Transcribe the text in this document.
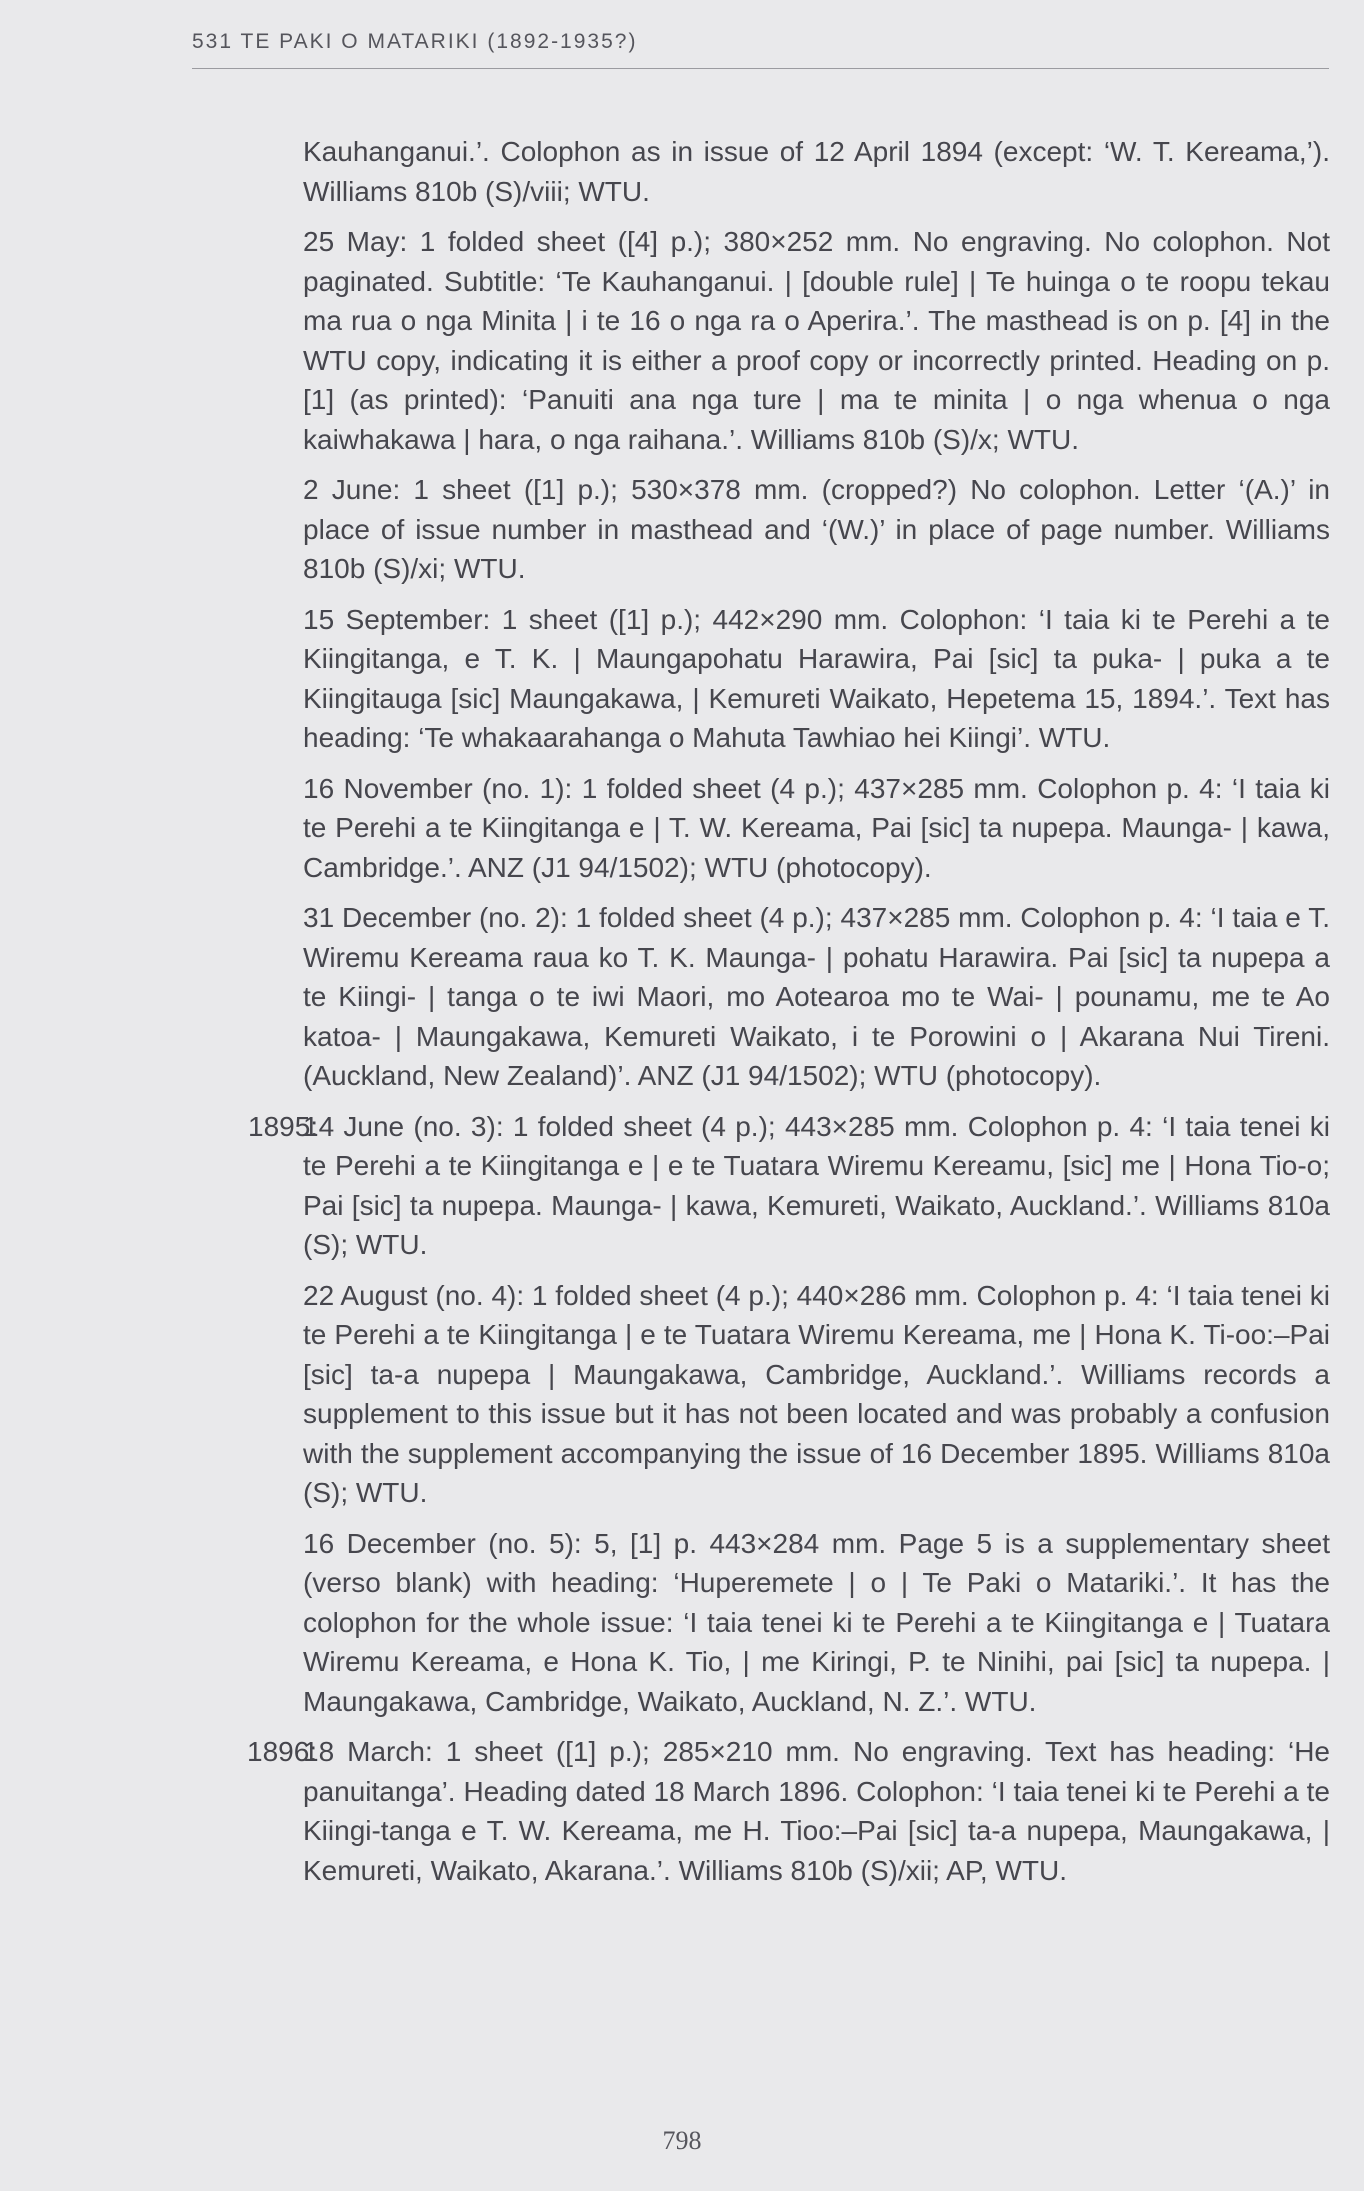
531 TE PAKI O MATARIKI (1892-1935?)
Kauhanganui.’. Colophon as in issue of 12 April 1894 (except: ‘W. T. Kereama,’). Williams 810b (S)/viii; WTU.
25 May: 1 folded sheet ([4] p.); 380×252 mm. No engraving. No colophon. Not paginated. Subtitle: ‘Te Kauhanganui. | [double rule] | Te huinga o te roopu tekau ma rua o nga Minita | i te 16 o nga ra o Aperira.’. The masthead is on p. [4] in the WTU copy, indicating it is either a proof copy or incorrectly printed. Heading on p. [1] (as printed): ‘Panuiti ana nga ture | ma te minita | o nga whenua o nga kaiwhakawa | hara, o nga raihana.’. Williams 810b (S)/x; WTU.
2 June: 1 sheet ([1] p.); 530×378 mm. (cropped?) No colophon. Letter ‘(A.)’ in place of issue number in masthead and ‘(W.)’ in place of page number. Williams 810b (S)/xi; WTU.
15 September: 1 sheet ([1] p.); 442×290 mm. Colophon: ‘I taia ki te Perehi a te Kiingitanga, e T. K. | Maungapohatu Harawira, Pai [sic] ta puka- | puka a te Kiingitauga [sic] Maungakawa, | Kemureti Waikato, Hepetema 15, 1894.’. Text has heading: ‘Te whakaarahanga o Mahuta Tawhiao hei Kiingi’. WTU.
16 November (no. 1): 1 folded sheet (4 p.); 437×285 mm. Colophon p. 4: ‘I taia ki te Perehi a te Kiingitanga e | T. W. Kereama, Pai [sic] ta nupepa. Maunga- | kawa, Cambridge.’. ANZ (J1 94/1502); WTU (photocopy).
31 December (no. 2): 1 folded sheet (4 p.); 437×285 mm. Colophon p. 4: ‘I taia e T. Wiremu Kereama raua ko T. K. Maunga- | pohatu Harawira. Pai [sic] ta nupepa a te Kiingi- | tanga o te iwi Maori, mo Aotearoa mo te Wai- | pounamu, me te Ao katoa- | Maungakawa, Kemureti Waikato, i te Porowini o | Akarana Nui Tireni. (Auckland, New Zealand)’. ANZ (J1 94/1502); WTU (photocopy).
1895:
14 June (no. 3): 1 folded sheet (4 p.); 443×285 mm. Colophon p. 4: ‘I taia tenei ki te Perehi a te Kiingitanga e | e te Tuatara Wiremu Kereamu, [sic] me | Hona Tio-o; Pai [sic] ta nupepa. Maunga- | kawa, Kemureti, Waikato, Auckland.’. Williams 810a (S); WTU.
22 August (no. 4): 1 folded sheet (4 p.); 440×286 mm. Colophon p. 4: ‘I taia tenei ki te Perehi a te Kiingitanga | e te Tuatara Wiremu Kereama, me | Hona K. Ti-oo:–Pai [sic] ta-a nupepa | Maungakawa, Cambridge, Auckland.’. Williams records a supplement to this issue but it has not been located and was probably a confusion with the supplement accompanying the issue of 16 December 1895. Williams 810a (S); WTU.
16 December (no. 5): 5, [1] p. 443×284 mm. Page 5 is a supplementary sheet (verso blank) with heading: ‘Huperemete | o | Te Paki o Matariki.’. It has the colophon for the whole issue: ‘I taia tenei ki te Perehi a te Kiingitanga e | Tuatara Wiremu Kereama, e Hona K. Tio, | me Kiringi, P. te Ninihi, pai [sic] ta nupepa. | Maungakawa, Cambridge, Waikato, Auckland, N. Z.’. WTU.
1896:
18 March: 1 sheet ([1] p.); 285×210 mm. No engraving. Text has heading: ‘He panuitanga’. Heading dated 18 March 1896. Colophon: ‘I taia tenei ki te Perehi a te Kiingi-tanga e T. W. Kereama, me H. Tioo:–Pai [sic] ta-a nupepa, Maungakawa, | Kemureti, Waikato, Akarana.’. Williams 810b (S)/xii; AP, WTU.
798
